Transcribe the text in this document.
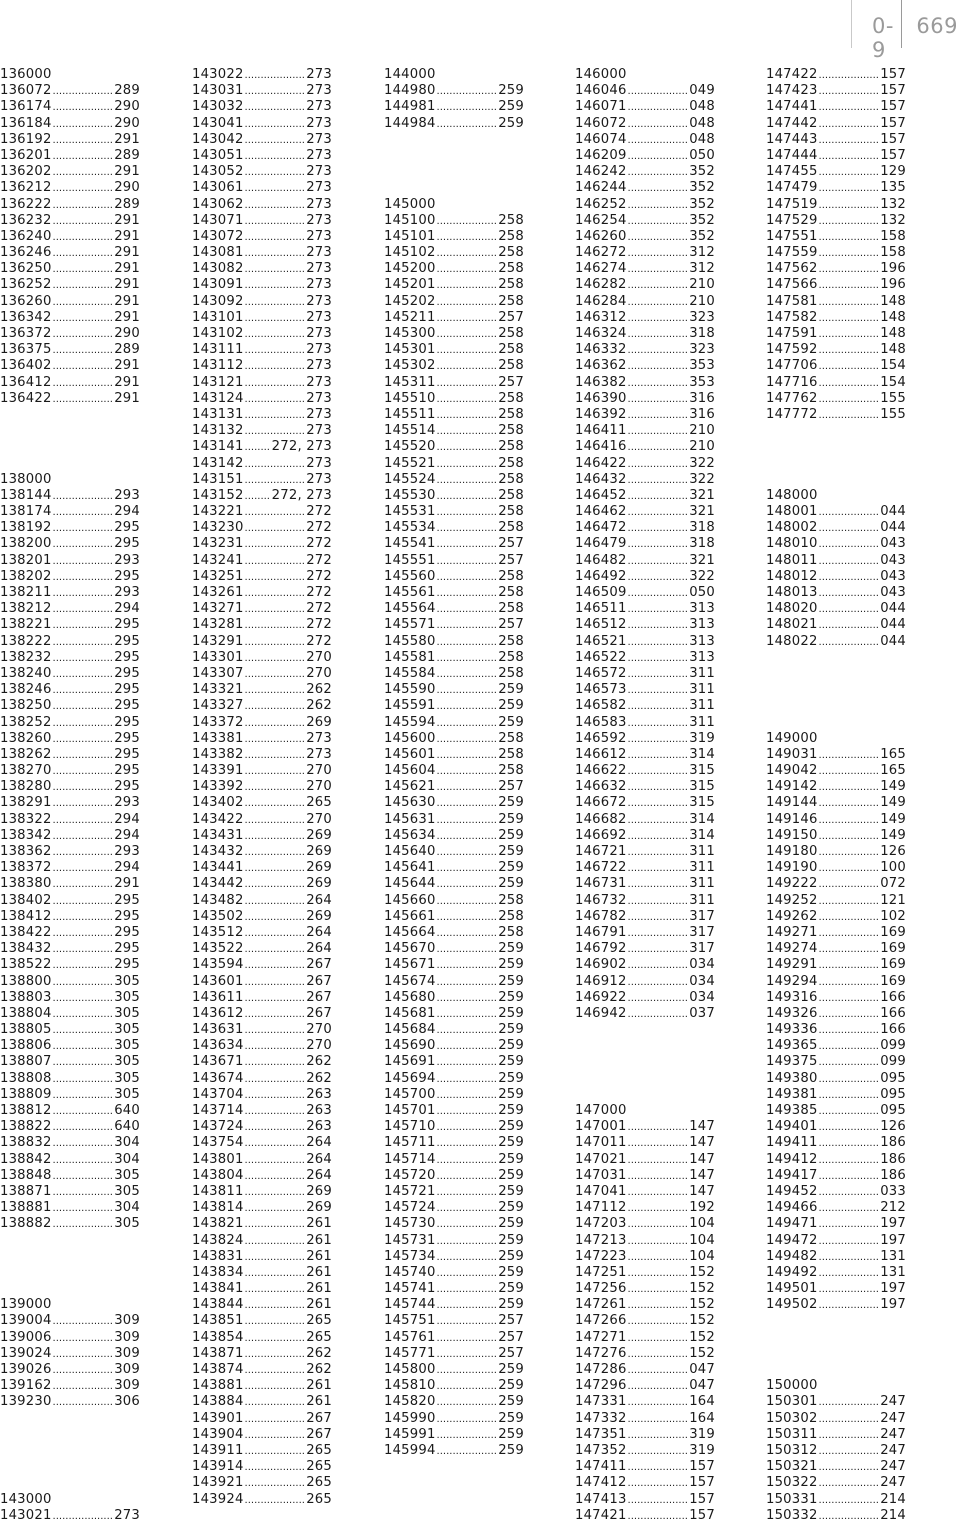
0-9
669
136000
136072 .....	289
136174 .....	290
136184 .....	290
136192 .....	291
136201 .....	289
136202 .....	291
136212 .....	290
136222 .....	289
136232 .....	291
136240 .....	291
136246 .....	291
136250 .....	291
136252 .....	291
136260 .....	291
136342 .....	291
136372 .....	290
136375 .....	289
136402 .....	291
136412 .....	291
136422 .....	291
138000
138144 .....	293
138174 .....	294
138192 .....	295
138200 .....	295
138201 .....	293
138202 .....	295
138211 .....	293
138212 .....	294
138221 .....	295
138222 .....	295
138232 .....	295
138240 .....	295
138246 .....	295
138250 .....	295
138252 .....	295
138260 .....	295
138262 .....	295
138270 .....	295
138280 .....	295
138291 .....	293
138322 .....	294
138342 .....	294
138362 .....	293
138372 .....	294
138380 .....	291
138402 .....	295
138412 .....	295
138422 .....	295
138432 .....	295
138522 .....	295
138800 .....	305
138803 .....	305
138804 .....	305
138805 .....	305
138806 .....	305
138807 .....	305
138808 .....	305
138809 .....	305
138812 .....	640
138822 .....	640
138832 .....	304
138842 .....	304
138848 .....	305
138871 .....	305
138881 .....	304
138882 .....	305
139000
139004 .....	309
139006 .....	309
139024 .....	309
139026 .....	309
139162 .....	309
139230 .....	306
143000
143021 .....	273
143022 .....	273
143031 .....	273
143032 .....	273
143041 .....	273
143042 .....	273
143051 .....	273
143052 .....	273
143061 .....	273
143062 .....	273
143071 .....	273
143072 .....	273
143081 .....	273
143082 .....	273
143091 .....	273
143092 .....	273
143101 .....	273
143102 .....	273
143111 .....	273
143112 .....	273
143121 .....	273
143124 .....	273
143131 .....	273
143132 .....	273
143141 ..... 272, 273
143142 .....	273
143151 .....	273
143152 ..... 272, 273
143221 .....	272
143230 .....	272
143231 .....	272
143241 .....	272
143251 .....	272
143261 .....	272
143271 .....	272
143281 .....	272
143291 .....	272
143301 .....	270
143307 .....	270
143321 .....	262
143327 .....	262
143372 .....	269
143381 .....	273
143382 .....	273
143391 .....	270
143392 .....	270
143402 .....	265
143422 .....	270
143431 .....	269
143432 .....	269
143441 .....	269
143442 .....	269
143482 .....	264
143502 .....	269
143512 .....	264
143522 .....	264
143594 .....	267
143601 .....	267
143611 .....	267
143612 .....	267
143631 .....	270
143634 .....	270
143671 .....	262
143674 .....	262
143704 .....	263
143714 .....	263
143724 .....	263
143754 .....	264
143801 .....	264
143804 .....	264
143811 .....	269
143814 .....	269
143821 .....	261
143824 .....	261
143831 .....	261
143834 .....	261
143841 .....	261
143844 .....	261
143851 .....	265
143854 .....	265
143871 .....	262
143874 .....	262
143881 .....	261
143884 .....	261
143901 .....	267
143904 .....	267
143911 .....	265
143914 .....	265
143921 .....	265
143924 .....	265
144000
144980 .....	259
144981 .....	259
144984 .....	259
145000
145100 .....	258
145101 .....	258
145102 .....	258
145200 .....	258
145201 .....	258
145202 .....	258
145211 .....	257
145300 .....	258
145301 .....	258
145302 .....	258
145311 .....	257
145510 .....	258
145511 .....	258
145514 .....	258
145520 .....	258
145521 .....	258
145524 .....	258
145530 .....	258
145531 .....	258
145534 .....	258
145541 .....	257
145551 .....	257
145560 .....	258
145561 .....	258
145564 .....	258
145571 .....	257
145580 .....	258
145581 .....	258
145584 .....	258
145590 .....	259
145591 .....	259
145594 .....	259
145600 .....	258
145601 .....	258
145604 .....	258
145621 .....	257
145630 .....	259
145631 .....	259
145634 .....	259
145640 .....	259
145641 .....	259
145644 .....	259
145660 .....	258
145661 .....	258
145664 .....	258
145670 .....	259
145671 .....	259
145674 .....	259
145680 .....	259
145681 .....	259
145684 .....	259
145690 .....	259
145691 .....	259
145694 .....	259
145700 .....	259
145701 .....	259
145710 .....	259
145711 .....	259
145714 .....	259
145720 .....	259
145721 .....	259
145724 .....	259
145730 .....	259
145731 .....	259
145734 .....	259
145740 .....	259
145741 .....	259
145744 .....	259
145751 .....	257
145761 .....	257
145771 .....	257
145800 .....	259
145810 .....	259
145820 .....	259
145990 .....	259
145991 .....	259
145994 .....	259
146000
146046 .....	049
146071 .....	048
146072 .....	048
146074 .....	048
146209 .....	050
146242 .....	352
146244 .....	352
146252 .....	352
146254 .....	352
146260 .....	352
146272 .....	312
146274 .....	312
146282 .....	210
146284 .....	210
146312 .....	323
146324 .....	318
146332 .....	323
146362 .....	353
146382 .....	353
146390 .....	316
146392 .....	316
146411 .....	210
146416 .....	210
146422 .....	322
146432 .....	322
146452 .....	321
146462 .....	321
146472 .....	318
146479 .....	318
146482 .....	321
146492 .....	322
146509 .....	050
146511 .....	313
146512 .....	313
146521 .....	313
146522 .....	313
146572 .....	311
146573 .....	311
146582 .....	311
146583 .....	311
146592 .....	319
146612 .....	314
146622 .....	315
146632 .....	315
146672 .....	315
146682 .....	314
146692 .....	314
146721 .....	311
146722 .....	311
146731 .....	311
146732 .....	311
146782 .....	317
146791 .....	317
146792 .....	317
146902 .....	034
146912 .....	034
146922 .....	034
146942 .....	037
147000
147001 .....	147
147011 .....	147
147021 .....	147
147031 .....	147
147041 .....	147
147112 .....	192
147203 .....	104
147213 .....	104
147223 .....	104
147251 .....	152
147256 .....	152
147261 .....	152
147266 .....	152
147271 .....	152
147276 .....	152
147286 .....	047
147296 .....	047
147331 .....	164
147332 .....	164
147351 .....	319
147352 .....	319
147411 .....	157
147412 .....	157
147413 .....	157
147421 .....	157
147422 .....	157
147423 .....	157
147441 .....	157
147442 .....	157
147443 .....	157
147444 .....	157
147455 .....	129
147479 .....	135
147519 .....	132
147529 .....	132
147551 .....	158
147559 .....	158
147562 .....	196
147566 .....	196
147581 .....	148
147582 .....	148
147591 .....	148
147592 .....	148
147706 .....	154
147716 .....	154
147762 .....	155
147772 .....	155
148000
148001 .....	044
148002 .....	044
148010 .....	043
148011 .....	043
148012 .....	043
148013 .....	043
148020 .....	044
148021 .....	044
148022 .....	044
149000
149031 .....	165
149042 .....	165
149142 .....	149
149144 .....	149
149146 .....	149
149150 .....	149
149180 .....	126
149190 .....	100
149222 .....	072
149252 .....	121
149262 .....	102
149271 .....	169
149274 .....	169
149291 .....	169
149294 .....	169
149316 .....	166
149326 .....	166
149336 .....	166
149365 .....	099
149375 .....	099
149380 .....	095
149381 .....	095
149385 .....	095
149401 .....	126
149411 .....	186
149412 .....	186
149417 .....	186
149452 .....	033
149466 .....	212
149471 .....	197
149472 .....	197
149482 .....	131
149492 .....	131
149501 .....	197
149502 .....	197
150000
150301 .....	247
150302 .....	247
150311 .....	247
150312 .....	247
150321 .....	247
150322 .....	247
150331 .....	214
150332 .....	214
